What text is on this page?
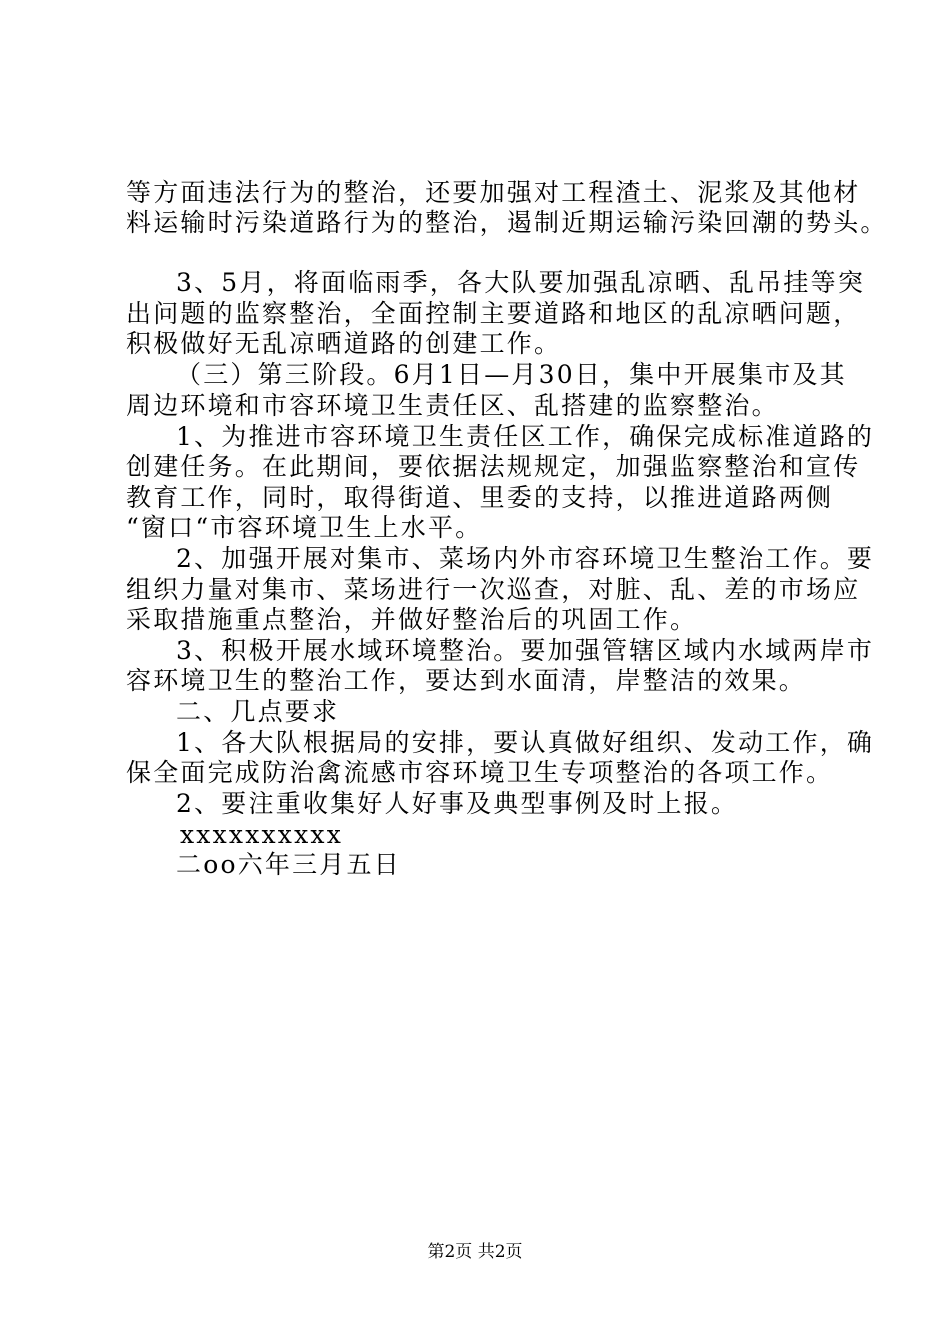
等方面违法行为的整治，还要加强对工程渣土、泥浆及其他材
料运输时污染道路行为的整治，遏制近期运输污染回潮的势头。
3、5月，将面临雨季，各大队要加强乱凉晒、乱吊挂等突
出问题的监察整治，全面控制主要道路和地区的乱凉晒问题，
积极做好无乱凉晒道路的创建工作。
（三）第三阶段。6月1日—月30日，集中开展集市及其
周边环境和市容环境卫生责任区、乱搭建的监察整治。
1、为推进市容环境卫生责任区工作，确保完成标准道路的
创建任务。在此期间，要依据法规规定，加强监察整治和宣传
教育工作，同时，取得街道、里委的支持，以推进道路两侧
“窗口“市容环境卫生上水平。
2、加强开展对集市、菜场内外市容环境卫生整治工作。要
组织力量对集市、菜场进行一次巡查，对脏、乱、差的市场应
采取措施重点整治，并做好整治后的巩固工作。
3、积极开展水域环境整治。要加强管辖区域内水域两岸市
容环境卫生的整治工作，要达到水面清，岸整洁的效果。
二、几点要求
1、各大队根据局的安排，要认真做好组织、发动工作，确
保全面完成防治禽流感市容环境卫生专项整治的各项工作。
2、要注重收集好人好事及典型事例及时上报。
xxxxxxxxxx
二oo六年三月五日
第2页 共2页
